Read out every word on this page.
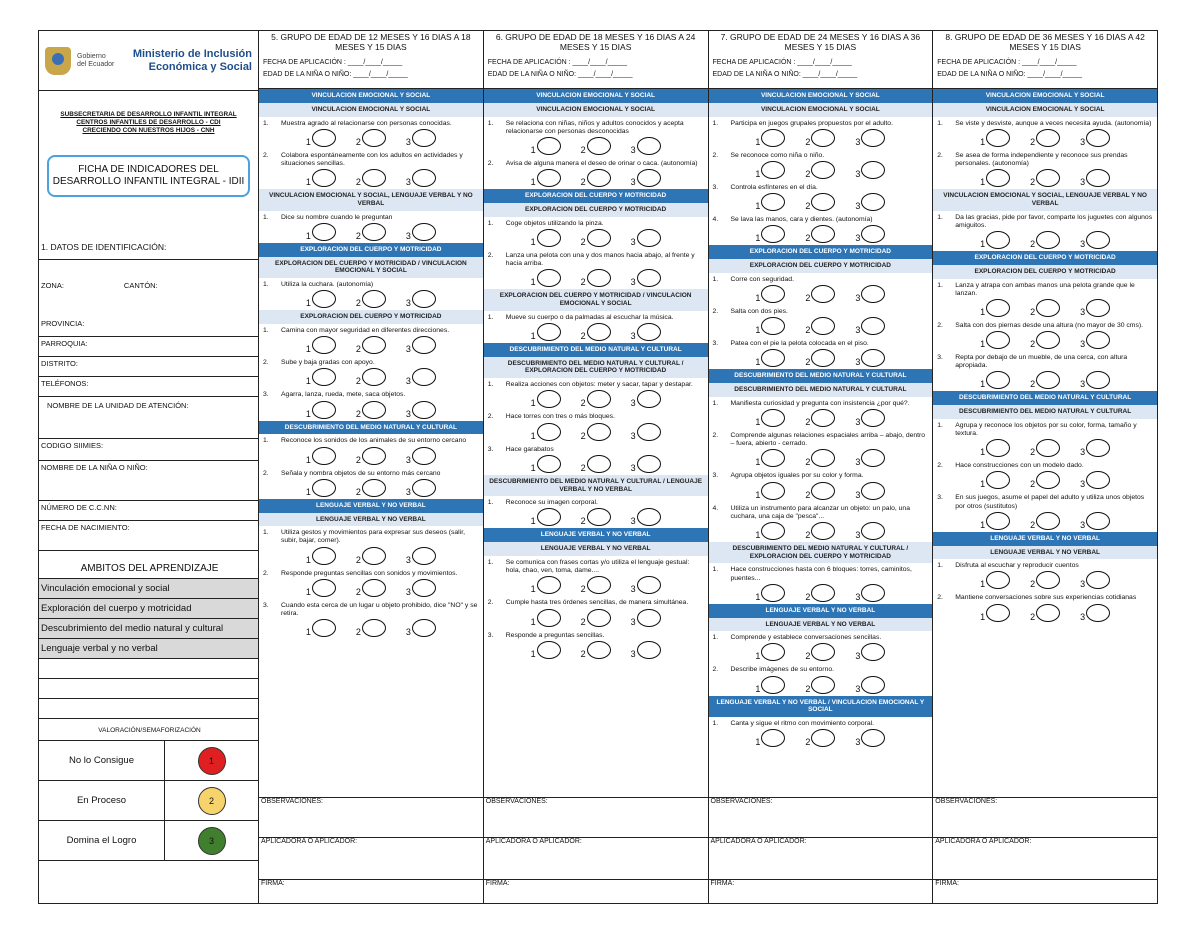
Gobierno del Ecuador
Ministerio de Inclusión Económica y Social
SUBSECRETARIA DE DESARROLLO INFANTIL INTEGRAL
CENTROS INFANTILES DE DESARROLLO - CDI
CRECIENDO CON NUESTROS HIJOS - CNH
FICHA DE INDICADORES DEL DESARROLLO INFANTIL INTEGRAL - IDII
1. DATOS DE IDENTIFICACIÓN:
ZONA:	CANTÓN:
PROVINCIA:
PARROQUIA:
DISTRITO:
TELÉFONOS:
NOMBRE DE LA UNIDAD DE ATENCIÓN:
CODIGO SIIMIES:
NOMBRE DE LA NIÑA O NIÑO:
NÚMERO DE C.C.NN:
FECHA DE NACIMIENTO:
AMBITOS DEL APRENDIZAJE
Vinculación emocional y social
Exploración del cuerpo y motricidad
Descubrimiento del medio natural y cultural
Lenguaje verbal y no verbal
VALORACIÓN/SEMAFORIZACIÓN
No lo Consigue	1
En Proceso	2
Domina el Logro	3
5. GRUPO DE EDAD DE 12 MESES Y 16 DIAS A 18 MESES Y 15 DIAS
FECHA DE APLICACIÓN : ____/____/_____
EDAD DE LA NIÑA O NIÑO: ____/____/_____
VINCULACION EMOCIONAL Y SOCIAL
VINCULACION EMOCIONAL Y SOCIAL
1.	Muestra agrado al relacionarse con personas conocidas.
1	2	3
2.	Colabora espontáneamente con los adultos en actividades y situaciones sencillas.
1	2	3
VINCULACION EMOCIONAL Y SOCIAL, LENGUAJE VERBAL Y NO VERBAL
1.	Dice su nombre cuando le preguntan
1	2	3
EXPLORACION DEL CUERPO Y MOTRICIDAD
EXPLORACION DEL CUERPO Y MOTRICIDAD / VINCULACION EMOCIONAL Y SOCIAL
1.	Utiliza la cuchara. (autonomía)
1	2	3
EXPLORACION DEL CUERPO Y MOTRICIDAD
1.	Camina con mayor seguridad en diferentes direcciones.
1	2	3
2.	Sube y baja gradas con apoyo.
1	2	3
3.	Agarra, lanza, rueda, mete, saca objetos.
1	2	3
DESCUBRIMIENTO DEL MEDIO NATURAL Y CULTURAL
1.	Reconoce los sonidos de los animales de su entorno cercano
1	2	3
2.	Señala y nombra objetos de su entorno más cercano
1	2	3
LENGUAJE VERBAL Y NO VERBAL
LENGUAJE VERBAL Y NO VERBAL
1.	Utiliza gestos y movimientos para expresar sus deseos (salir, subir, bajar, comer).
1	2	3
2.	Responde preguntas sencillas con sonidos y movimientos.
1	2	3
3.	Cuando esta cerca de un lugar u objeto prohibido, dice "NO" y se retira.
1	2	3
OBSERVACIONES:
APLICADORA O APLICADOR:
FIRMA:
6. GRUPO DE EDAD DE 18 MESES Y 16 DIAS A 24 MESES Y 15 DIAS
FECHA DE APLICACIÓN : ____/____/_____
EDAD DE LA NIÑA O NIÑO: ____/____/_____
VINCULACION EMOCIONAL Y SOCIAL
VINCULACION EMOCIONAL Y SOCIAL
1.	Se relaciona con niñas, niños y adultos conocidos y acepta relacionarse con personas desconocidas
1	2	3
2.	Avisa de alguna manera el deseo de orinar o caca. (autonomía)
1	2	3
EXPLORACION DEL CUERPO Y MOTRICIDAD
EXPLORACION DEL CUERPO Y MOTRICIDAD
1.	Coge objetos utilizando la pinza.
1	2	3
2.	Lanza una pelota con una y dos manos hacia abajo, al frente y hacia arriba.
1	2	3
EXPLORACION DEL CUERPO Y MOTRICIDAD / VINCULACION EMOCIONAL Y SOCIAL
1.	Mueve su cuerpo o da palmadas al escuchar la música.
1	2	3
DESCUBRIMIENTO DEL MEDIO NATURAL Y CULTURAL
DESCUBRIMIENTO DEL MEDIO NATURAL Y CULTURAL / EXPLORACION DEL CUERPO Y MOTRICIDAD
1.	Realiza acciones con objetos: meter y sacar, tapar y destapar.
1	2	3
2.	Hace torres con tres o más bloques.
1	2	3
3.	Hace garabatos
1	2	3
DESCUBRIMIENTO DEL MEDIO NATURAL Y CULTURAL / LENGUAJE VERBAL Y NO VERBAL
1.	Reconoce su imagen corporal.
1	2	3
LENGUAJE VERBAL Y NO VERBAL
LENGUAJE VERBAL Y NO VERBAL
1.	Se comunica con frases cortas y/o utiliza el lenguaje gestual: hola, chao, ven, toma, dame....
1	2	3
2.	Cumple hasta tres órdenes sencillas, de manera simultánea.
1	2	3
3.	Responde a preguntas sencillas.
1	2	3
OBSERVACIONES:
APLICADORA O APLICADOR:
FIRMA:
7. GRUPO DE EDAD DE 24 MESES Y 16 DIAS A 36 MESES Y 15 DIAS
FECHA DE APLICACIÓN : ____/____/_____
EDAD DE LA NIÑA O NIÑO: ____/____/_____
VINCULACION EMOCIONAL Y SOCIAL
VINCULACION EMOCIONAL Y SOCIAL
1.	Participa en juegos grupales propuestos por el adulto.
1	2	3
2.	Se reconoce como niña o niño.
1	2	3
3.	Controla esfínteres en el día.
1	2	3
4.	Se lava las manos, cara y dientes. (autonomía)
1	2	3
EXPLORACION DEL CUERPO Y MOTRICIDAD
EXPLORACION DEL CUERPO Y MOTRICIDAD
1.	Corre con seguridad.
1	2	3
2.	Salta con dos pies.
1	2	3
3.	Patea con el pie la pelota colocada en el piso.
1	2	3
DESCUBRIMIENTO DEL MEDIO NATURAL Y CULTURAL
DESCUBRIMIENTO DEL MEDIO NATURAL Y CULTURAL
1.	Manifiesta curiosidad y pregunta con insistencia ¿por qué?.
1	2	3
2.	Comprende algunas relaciones espaciales arriba – abajo, dentro – fuera, abierto - cerrado.
1	2	3
3.	Agrupa objetos iguales por su color y forma.
1	2	3
4.	Utiliza un instrumento para alcanzar un objeto: un palo, una cuchara, una caja de "pesca"...
1	2	3
DESCUBRIMIENTO DEL MEDIO NATURAL Y CULTURAL / EXPLORACION DEL CUERPO Y MOTRICIDAD
1.	Hace construcciones hasta con 6 bloques: torres, caminitos, puentes...
1	2	3
LENGUAJE VERBAL Y NO VERBAL
LENGUAJE VERBAL Y NO VERBAL
1.	Comprende y establece conversaciones sencillas.
1	2	3
2.	Describe imágenes de su entorno.
1	2	3
LENGUAJE VERBAL Y NO VERBAL / VINCULACION EMOCIONAL Y SOCIAL
1.	Canta y sigue el ritmo con movimiento corporal.
1	2	3
OBSERVACIONES:
APLICADORA O APLICADOR:
FIRMA:
8. GRUPO DE EDAD DE 36 MESES Y 16 DIAS A 42 MESES Y 15 DIAS
FECHA DE APLICACIÓN : ____/____/_____
EDAD DE LA NIÑA O NIÑO: ____/____/_____
VINCULACION EMOCIONAL Y SOCIAL
VINCULACION EMOCIONAL Y SOCIAL
1.	Se viste y desviste, aunque a veces necesita ayuda. (autonomía)
1	2	3
2.	Se asea de forma independiente y reconoce sus prendas personales. (autonomía)
1	2	3
VINCULACION EMOCIONAL Y SOCIAL, LENGUAJE VERBAL Y NO VERBAL
1.	Da las gracias, pide por favor, comparte los juguetes con algunos amiguitos.
1	2	3
EXPLORACION DEL CUERPO Y MOTRICIDAD
EXPLORACION DEL CUERPO Y MOTRICIDAD
1.	Lanza y atrapa con ambas manos una pelota grande que le lanzan.
1	2	3
2.	Salta con dos piernas desde una altura (no mayor de 30 cms).
1	2	3
3.	Repta por debajo de un mueble, de una cerca, con altura apropiada.
1	2	3
DESCUBRIMIENTO DEL MEDIO NATURAL Y CULTURAL
DESCUBRIMIENTO DEL MEDIO NATURAL Y CULTURAL
1.	Agrupa y reconoce los objetos por su color, forma, tamaño y textura.
1	2	3
2.	Hace construcciones con un modelo dado.
1	2	3
3.	En sus juegos, asume el papel del adulto y utiliza unos objetos por otros (sustitutos)
1	2	3
LENGUAJE VERBAL Y NO VERBAL
LENGUAJE VERBAL Y NO VERBAL
1.	Disfruta al escuchar y reproducir cuentos
1	2	3
2.	Mantiene conversaciones sobre sus experiencias cotidianas
1	2	3
OBSERVACIONES:
APLICADORA O APLICADOR:
FIRMA:
